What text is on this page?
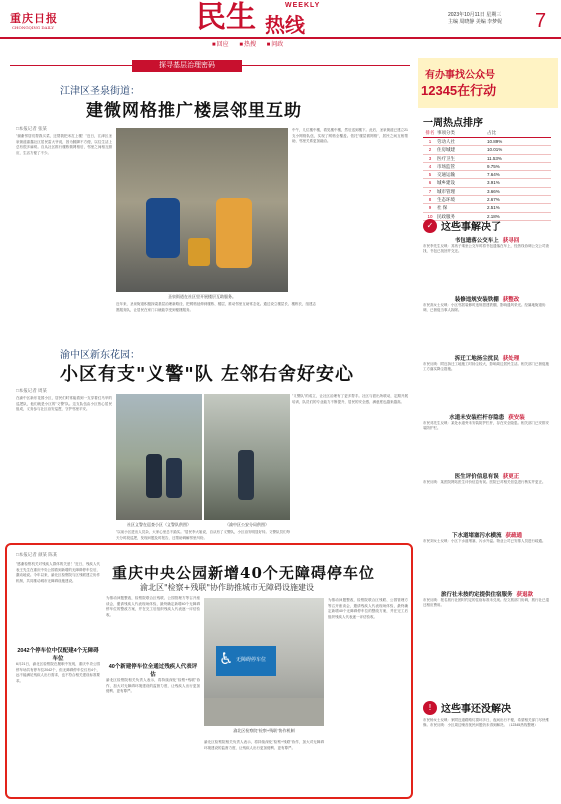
重庆日报
CHONGQING DAILY
WEEKLY
民生 热线	2023年10月11日 星期三
主编 周晓静 美编 李梦妮 7
■ 回应	■ 热搜	■ 问政
探寻基层治理密码
江津区圣泉街道：
建微网格推广楼层邻里互助
□本报记者 张某
"谢谢邻居们帮我买菜，还帮我把米扛上楼！"近日，江津区圣泉街道嘉鑫社区居民雷大爷说，因为腿脚不方便，以往生活上总有很多麻烦。自从社区推行楼栋微网格后，邻里之间相互照应，生活方便了不少。
圣泉街道在社区里开展楼层互助服务。
近年来，圣泉街道积极探索基层治理新路径，把网格延伸到楼栋、楼层，推动邻里互助常态化。通过设立楼层长、楼栋长，组建志愿服务队，让居民在家门口就能享受到便捷服务。
中午，几位楼中楼，看见楼中楼，然后送到楼下。此后，圣泉街道已建立21支小网格队伍，实现了网格全覆盖。依托"楼层微网格"，居民之间互相帮助，邻里关系更加融洽。
渝中区新东花园：
小区有支"义警"队 左邻右舍好安心
□本报记者 周某
在渝中区新东花园小区，居民们时常能看到一支穿着红马甲的巡逻队，他们就是小区的"义警"队。这支队伍由小区热心居民组成，义务参与社区治安巡逻，守护邻里平安。
社区义警在巡查小区（义警队供图）	（渝中区公安分局供图）
"以前小区进出人员杂，大家心里总不踏实。"居民李大姐说，自从有了义警队，小区治安明显好转。义警队员们每天分时段巡逻，发现问题及时报告，还帮助调解邻里纠纷。
"义警队"的成立，让社区治理有了更多帮手。社区与派出所联动，定期开展培训，队员们的专业能力不断提升，居民的安全感、满意度也越来越高。
□本报记者 颜某 陈某
重庆中央公园新增40个无障碍停车位
渝北区"检察+残联"协作助推城市无障碍设施建设
"感谢检察机关对残疾人群体的关爱！"近日，残疾人代表王先生在重庆中央公园看到新增的无障碍停车位后，激动地说。今年以来，渝北区检察院与区残联建立协作机制，共同推动城市无障碍设施建设。
2042个停车位中仅配建4个无障碍车位
6月21日，渝北区检察院在履职中发现，重庆中央公园停车场共有停车位2042个，但无障碍停车位仅有4个，远不能满足残疾人出行需求，也不符合相关建设标准要求。
为推动问题整改，检察院联合区残联、公园管理方等召开座谈会，邀请残疾人代表现场体验，最终确定新增40个无障碍停车位的整改方案，并在完工后组织残疾人代表逐一评估验收。
40个新建停车位全通过残疾人代表评估
渝北区检察院相关负责人表示，将持续深化"检察+残联"协作，加大对无障碍环境建设的监督力度，让残疾人出行更加便利、更有尊严。
♿ 无障碍停车位
渝北区检察院"检察+残联"协作机制
渝北区检察院相关负责人表示，将持续深化"检察+残联"协作，加大对无障碍环境建设的监督力度，让残疾人出行更加便利、更有尊严。
为推动问题整改，检察院联合区残联、公园管理方等召开座谈会，邀请残疾人代表现场体验，最终确定新增40个无障碍停车位的整改方案，并在完工后组织残疾人代表逐一评估验收。
有办事找公众号
12345在行动
一周热点排序
排名 事项分类	占比
1	劳动人社	10.89%
2	住房城建	10.01%
3	医疗卫生	11.53%
4	市场监管	9.75%
5	交通运输	7.64%
6	城乡建设	3.91%
7	城市管理	3.66%
8	生态环境	2.67%
9	社 保	2.51%
10	民政服务	2.18%
✓ 这些事解决了
书包遗落公交车上 获寻回
市民李先生反映：其孩子乘坐公交车时将书包遗落在车上，经热线协调公交公司查找，书包已找回并交还。
装修违规安装铁棚 获整改
市民高女士反映：小区邻居装修时违规搭建铁棚，影响通风采光。经属地街道协调，已督促当事人拆除。
拆迁工地扬尘扰民 获处理
市民反映：附近拆迁工地施工时扬尘较大，影响周边居民生活。相关部门已督促施工方落实降尘措施。
水道未安装栏杆存隐患 获安装
市民邓先生反映：某处水道旁未安装防护栏杆，存在安全隐患。相关部门已安排安装防护栏。
医生评价信息有误 获更正
市民反映：某医院网站医生评价信息有误。医院已对相关信息进行核实并更正。
下水道堵塞污水横流 获疏通
市民刘女士反映：小区下水道堵塞，污水外溢。物业公司已安排人员进行疏通。
旅行社未按约定提供住宿服务 获退款
市民反映：报名旅行社团时约定的住宿标准未兑现。经文旅部门协调，旅行社已退还相应费用。
! 这些事还没解决
市民杨女士反映：家附近道路路灯损坏多日，夜间出行不便，希望相关部门尽快维修。市民反映：小区周边噪音扰民问题仍未得到解决。（12345热线整理）
